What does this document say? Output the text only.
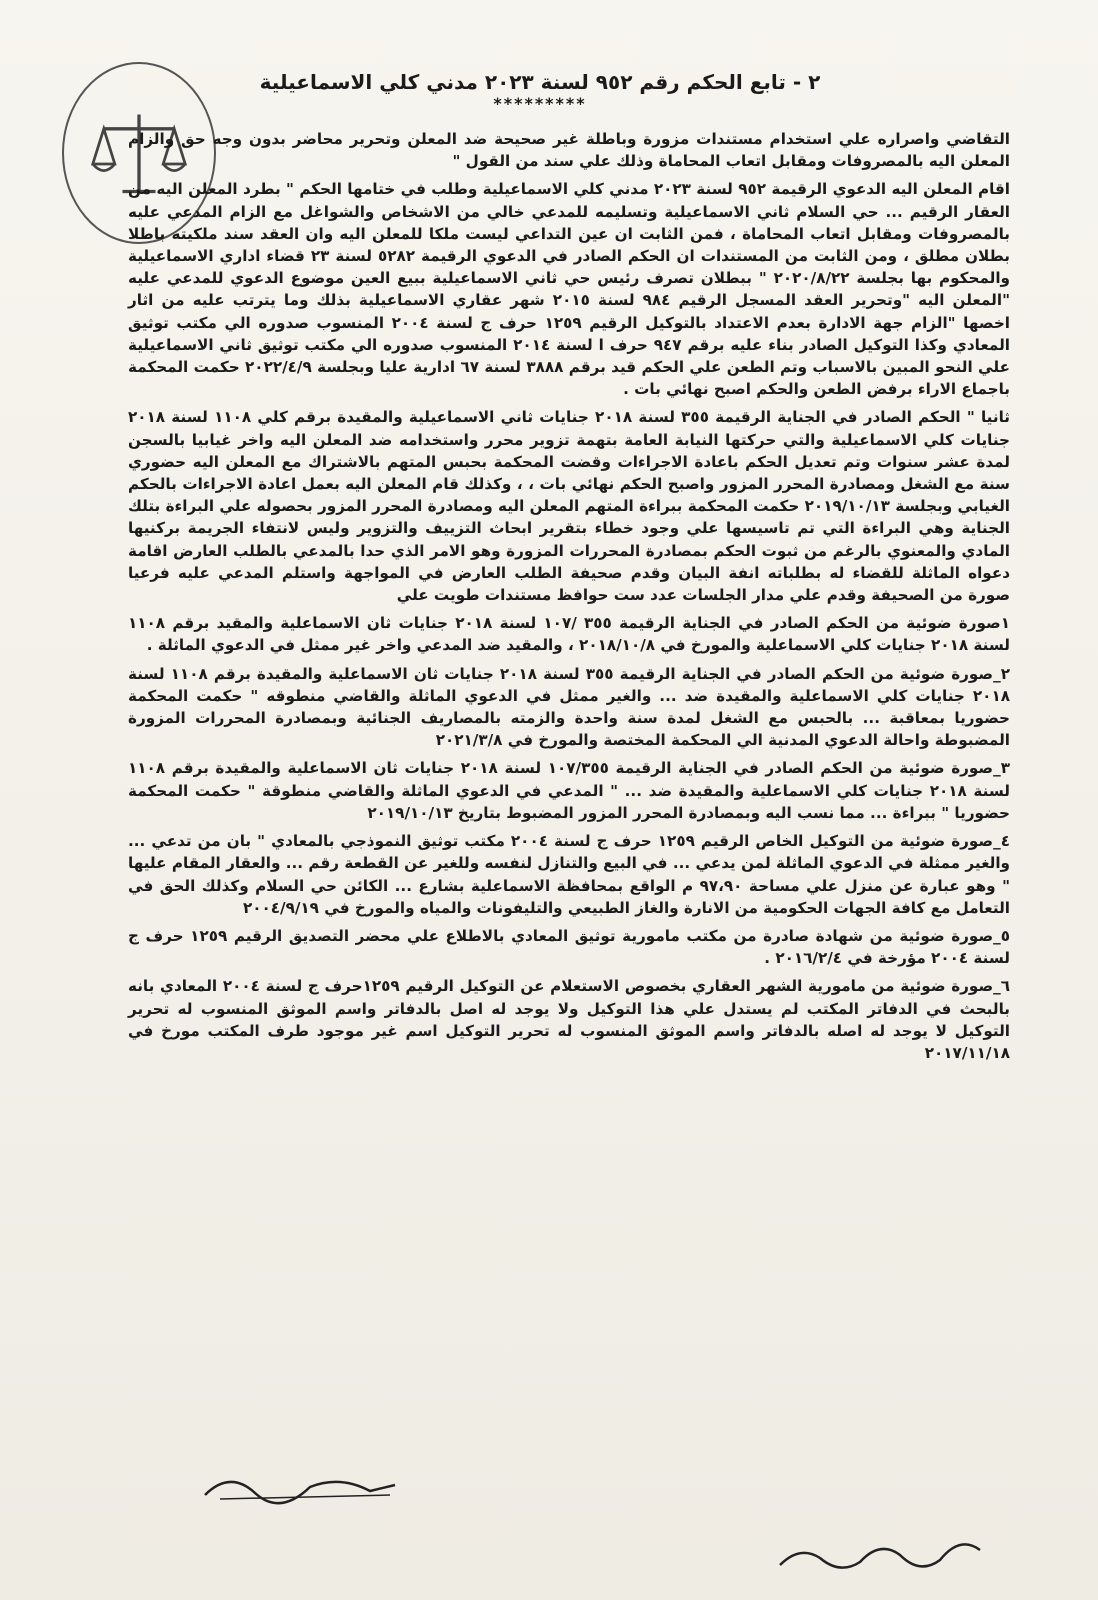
٢ - تابع الحكم رقم ٩٥٢ لسنة ٢٠٢٣ مدني كلي الاسماعيلية
*********

التقاضي واصراره علي استخدام مستندات مزورة وباطلة غير صحيحة ضد المعلن وتحرير محاضر بدون وجه حق والزام المعلن اليه بالمصروفات ومقابل اتعاب المحاماة وذلك علي سند من القول "

اقام المعلن اليه الدعوي الرقيمة ٩٥٢ لسنة ٢٠٢٣ مدني كلي الاسماعيلية وطلب في ختامها الحكم " بطرد المعلن اليه من العقار الرقيم ... حي السلام ثاني الاسماعيلية وتسليمه للمدعي خالي من الاشخاص والشواغل مع الزام المدعي عليه بالمصروفات ومقابل اتعاب المحاماة ، فمن الثابت ان عين التداعي ليست ملكا للمعلن اليه وان العقد سند ملكيته باطلا بطلان مطلق ، ومن الثابت من المستندات ان الحكم الصادر في الدعوي الرقيمة ٥٢٨٢ لسنة ٢٣ قضاء اداري الاسماعيلية والمحكوم بها بجلسة ٢٠٢٠/٨/٢٢ " ببطلان تصرف رئيس حي ثاني الاسماعيلية ببيع العين موضوع الدعوي للمدعي عليه "المعلن اليه "وتحرير العقد المسجل الرقيم ٩٨٤ لسنة ٢٠١٥ شهر عقاري الاسماعيلية بذلك وما يترتب عليه من اثار اخصها "الزام جهة الادارة بعدم الاعتداد بالتوكيل الرقيم ١٢٥٩ حرف ج لسنة ٢٠٠٤ المنسوب صدوره الي مكتب توثيق المعادي وكذا التوكيل الصادر بناء عليه برقم ٩٤٧ حرف ا لسنة ٢٠١٤ المنسوب صدوره الي مكتب توثيق ثاني الاسماعيلية علي النحو المبين بالاسباب وتم الطعن علي الحكم قيد برقم ٣٨٨٨ لسنة ٦٧ ادارية عليا وبجلسة ٢٠٢٢/٤/٩ حكمت المحكمة باجماع الاراء برفض الطعن والحكم اصبح نهائي بات .

ثانيا " الحكم الصادر في الجناية الرقيمة ٣٥٥ لسنة ٢٠١٨ جنايات ثاني الاسماعيلية والمقيدة برقم كلي ١١٠٨ لسنة ٢٠١٨ جنايات كلي الاسماعيلية والتي حركتها النيابة العامة بتهمة تزوير محرر واستخدامه ضد المعلن اليه واخر غيابيا بالسجن لمدة عشر سنوات وتم تعديل الحكم باعادة الاجراءات وقضت المحكمة بحبس المتهم بالاشتراك مع المعلن اليه حضوري سنة مع الشغل ومصادرة المحرر المزور واصبح الحكم نهائي بات ، ، وكذلك قام المعلن اليه بعمل اعادة الاجراءات بالحكم الغيابي وبجلسة ٢٠١٩/١٠/١٣ حكمت المحكمة ببراءة المتهم المعلن اليه ومصادرة المحرر المزور بحصوله علي البراءة بتلك الجناية وهي البراءة التي تم تاسيسها علي وجود خطاء بتقرير ابحاث التزييف والتزوير وليس لانتفاء الجريمة بركنيها المادي والمعنوي بالرغم من ثبوت الحكم بمصادرة المحررات المزورة وهو الامر الذي حدا بالمدعي بالطلب العارض اقامة دعواه الماثلة للقضاء له بطلباته انفة البيان وقدم صحيفة الطلب العارض في المواجهة واستلم المدعي عليه فرعيا صورة من الصحيفة وقدم علي مدار الجلسات عدد ست حوافظ مستندات طويت علي

١صورة ضوئية من الحكم الصادر في الجناية الرقيمة ٣٥٥ /١٠٧ لسنة ٢٠١٨ جنايات ثان الاسماعلية والمقيد برقم ١١٠٨ لسنة ٢٠١٨ جنايات كلي الاسماعلية والمورخ في ٢٠١٨/١٠/٨ ، والمقيد ضد المدعي واخر غير ممثل في الدعوي الماثلة .

٢_صورة ضوئية من الحكم الصادر في الجناية الرقيمة ٣٥٥ لسنة ٢٠١٨ جنايات ثان الاسماعلية والمقيدة برقم ١١٠٨ لسنة ٢٠١٨ جنايات كلي الاسماعلية والمقيدة ضد ... والغير ممثل في الدعوي الماثلة والقاضي منطوقه " حكمت المحكمة حضوريا بمعاقبة ... بالحبس مع الشغل لمدة سنة واحدة والزمته بالمصاريف الجنائية وبمصادرة المحررات المزورة المضبوطة واحالة الدعوي المدنية الي المحكمة المختصة والمورخ في ٢٠٢١/٣/٨

٣_صورة ضوئية من الحكم الصادر في الجناية الرقيمة ١٠٧/٣٥٥ لسنة ٢٠١٨ جنايات ثان الاسماعلية والمقيدة برقم ١١٠٨ لسنة ٢٠١٨ جنايات كلي الاسماعلية والمقيدة ضد ... " المدعي في الدعوي الماثلة والقاضي منطوقة " حكمت المحكمة حضوريا " ببراءة ... مما نسب اليه وبمصادرة المحرر المزور المضبوط بتاريخ ٢٠١٩/١٠/١٣

٤_صورة ضوئية من التوكيل الخاص الرقيم ١٢٥٩ حرف ج لسنة ٢٠٠٤ مكتب توثيق النموذجي بالمعادي " بان من تدعي ... والغير ممثلة في الدعوي الماثلة لمن يدعي ... في البيع والتنازل لنفسه وللغير عن القطعة رقم ... والعقار المقام عليها " وهو عبارة عن منزل علي مساحة ٩٧،٩٠ م الواقع بمحافظة الاسماعلية بشارع ... الكائن حي السلام وكذلك الحق في التعامل مع كافة الجهات الحكومية من الانارة والغاز الطبيعي والتليفونات والمياه والمورخ في ٢٠٠٤/٩/١٩

٥_صورة ضوئية من شهادة صادرة من مكتب مامورية توثيق المعادي بالاطلاع علي محضر التصديق الرقيم ١٢٥٩ حرف ج لسنة ٢٠٠٤ مؤرخة في ٢٠١٦/٢/٤ .

٦_صورة ضوئية من مامورية الشهر العقاري بخصوص الاستعلام عن التوكيل الرقيم ١٢٥٩حرف ج لسنة ٢٠٠٤ المعادي بانه بالبحث في الدفاتر المكتب لم يستدل علي هذا التوكيل ولا يوجد له اصل بالدفاتر واسم الموثق المنسوب له تحرير التوكيل لا يوجد له اصله بالدفاتر واسم الموثق المنسوب له تحرير التوكيل اسم غير موجود طرف المكتب مورخ في ٢٠١٧/١١/١٨
